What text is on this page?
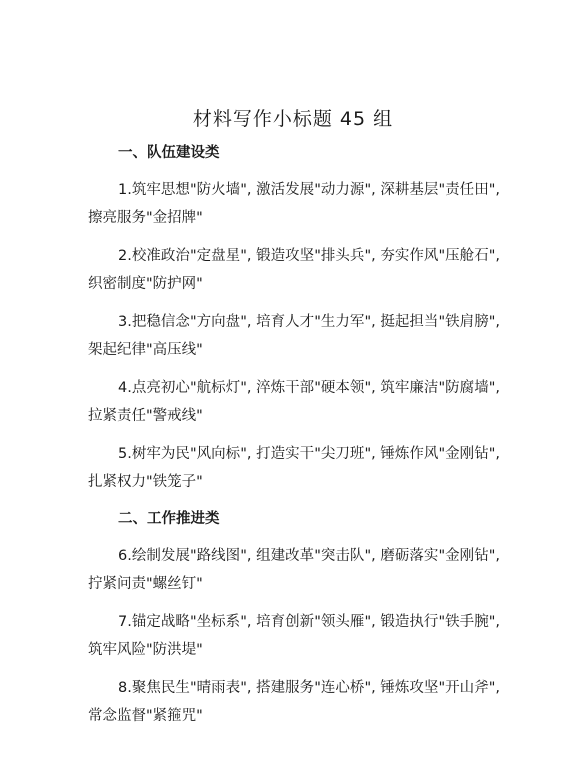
材料写作小标题 45 组
一、队伍建设类

1.筑牢思想"防火墙", 激活发展"动力源", 深耕基层"责任田", 擦亮服务"金招牌"

2.校准政治"定盘星", 锻造攻坚"排头兵", 夯实作风"压舱石", 织密制度"防护网"

3.把稳信念"方向盘", 培育人才"生力军", 挺起担当"铁肩膀", 架起纪律"高压线"

4.点亮初心"航标灯", 淬炼干部"硬本领", 筑牢廉洁"防腐墙", 拉紧责任"警戒线"

5.树牢为民"风向标", 打造实干"尖刀班", 锤炼作风"金刚钻", 扎紧权力"铁笼子"

二、工作推进类

6.绘制发展"路线图", 组建改革"突击队", 磨砺落实"金刚钻", 拧紧问责"螺丝钉"

7.锚定战略"坐标系", 培育创新"领头雁", 锻造执行"铁手腕", 筑牢风险"防洪堤"

8.聚焦民生"晴雨表", 搭建服务"连心桥", 锤炼攻坚"开山斧", 常念监督"紧箍咒"
